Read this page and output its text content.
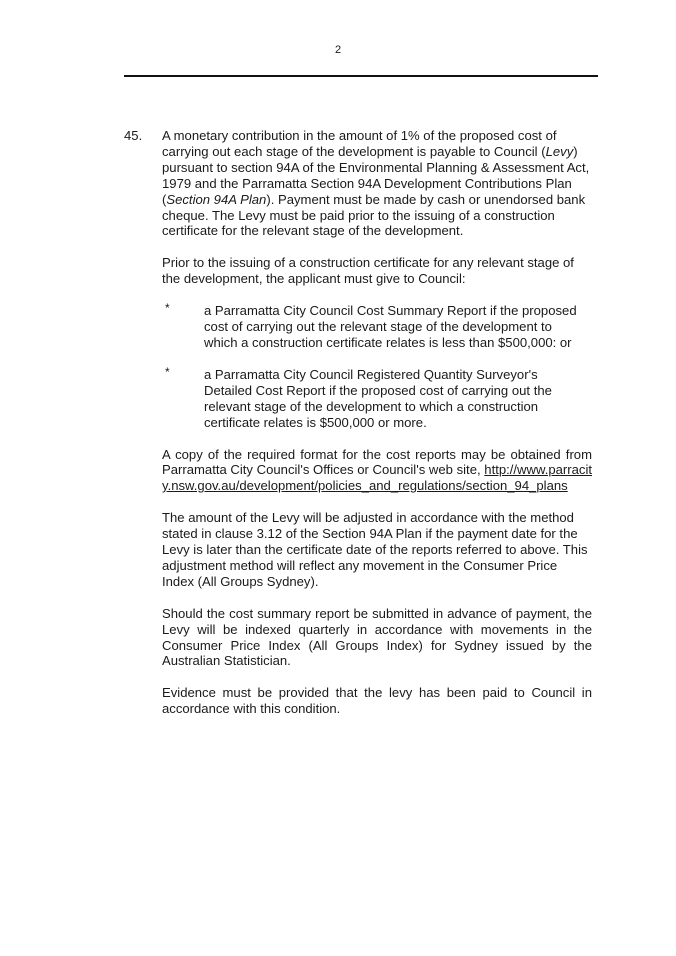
2
45. A monetary contribution in the amount of 1% of the proposed cost of carrying out each stage of the development is payable to Council (Levy) pursuant to section 94A of the Environmental Planning & Assessment Act, 1979 and the Parramatta Section 94A Development Contributions Plan (Section 94A Plan). Payment must be made by cash or unendorsed bank cheque. The Levy must be paid prior to the issuing of a construction certificate for the relevant stage of the development.

Prior to the issuing of a construction certificate for any relevant stage of the development, the applicant must give to Council:

*	a Parramatta City Council Cost Summary Report if the proposed cost of carrying out the relevant stage of the development to which a construction certificate relates is less than $500,000: or
*	a Parramatta City Council Registered Quantity Surveyor's Detailed Cost Report if the proposed cost of carrying out the relevant stage of the development to which a construction certificate relates is $500,000 or more.

A copy of the required format for the cost reports may be obtained from Parramatta City Council's Offices or Council's web site, http://www.parracity.nsw.gov.au/development/policies_and_regulations/section_94_plans

The amount of the Levy will be adjusted in accordance with the method stated in clause 3.12 of the Section 94A Plan if the payment date for the Levy is later than the certificate date of the reports referred to above. This adjustment method will reflect any movement in the Consumer Price Index (All Groups Sydney).

Should the cost summary report be submitted in advance of payment, the Levy will be indexed quarterly in accordance with movements in the Consumer Price Index (All Groups Index) for Sydney issued by the Australian Statistician.

Evidence must be provided that the levy has been paid to Council in accordance with this condition.
